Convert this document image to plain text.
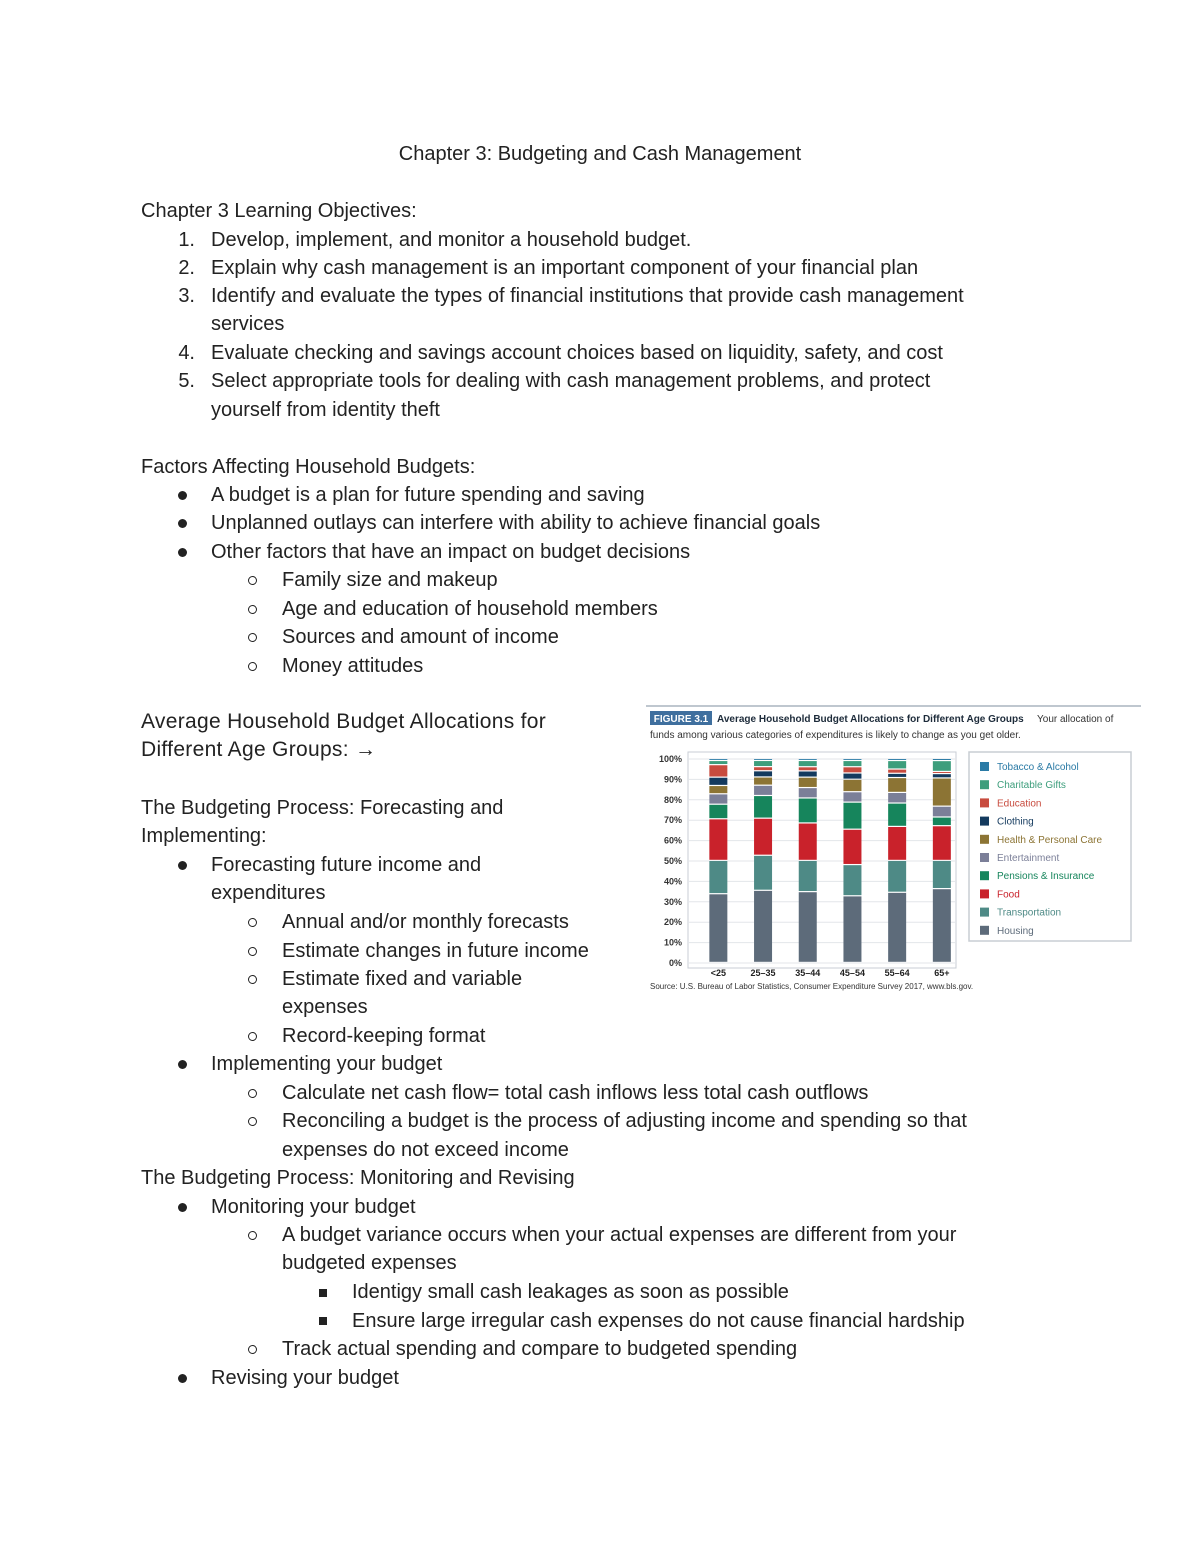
Chapter 3: Budgeting and Cash Management
Chapter 3 Learning Objectives:
1. Develop, implement, and monitor a household budget.
2. Explain why cash management is an important component of your financial plan
3. Identify and evaluate the types of financial institutions that provide cash management
services
4. Evaluate checking and savings account choices based on liquidity, safety, and cost
5. Select appropriate tools for dealing with cash management problems, and protect
yourself from identity theft
Factors Affecting Household Budgets:
A budget is a plan for future spending and saving
Unplanned outlays can interfere with ability to achieve financial goals
Other factors that have an impact on budget decisions
Family size and makeup
Age and education of household members
Sources and amount of income
Money attitudes
Average Household Budget Allocations for
Different Age Groups: →
The Budgeting Process: Forecasting and
Implementing:
Forecasting future income and
expenditures
Annual and/or monthly forecasts
Estimate changes in future income
Estimate fixed and variable
expenses
Record-keeping format
Implementing your budget
Calculate net cash flow= total cash inflows less total cash outflows
Reconciling a budget is the process of adjusting income and spending so that
expenses do not exceed income
The Budgeting Process: Monitoring and Revising
Monitoring your budget
A budget variance occurs when your actual expenses are different from your
budgeted expenses
Identigy small cash leakages as soon as possible
Ensure large irregular cash expenses do not cause financial hardship
Track actual spending and compare to budgeted spending
Revising your budget
FIGURE 3.1 Average Household Budget Allocations for Different Age Groups Your allocation of
funds among various categories of expenditures is likely to change as you get older.
0%
10%
20%
30%
40%
50%
60%
70%
80%
90%
100%
<25	25–35 35–44 45–54 55–64	65+
Tobacco & Alcohol
Charitable Gifts
Education
Clothing
Health & Personal Care
Entertainment
Pensions & Insurance
Food
Transportation
Housing
Source: U.S. Bureau of Labor Statistics, Consumer Expenditure Survey 2017, www.bls.gov.
